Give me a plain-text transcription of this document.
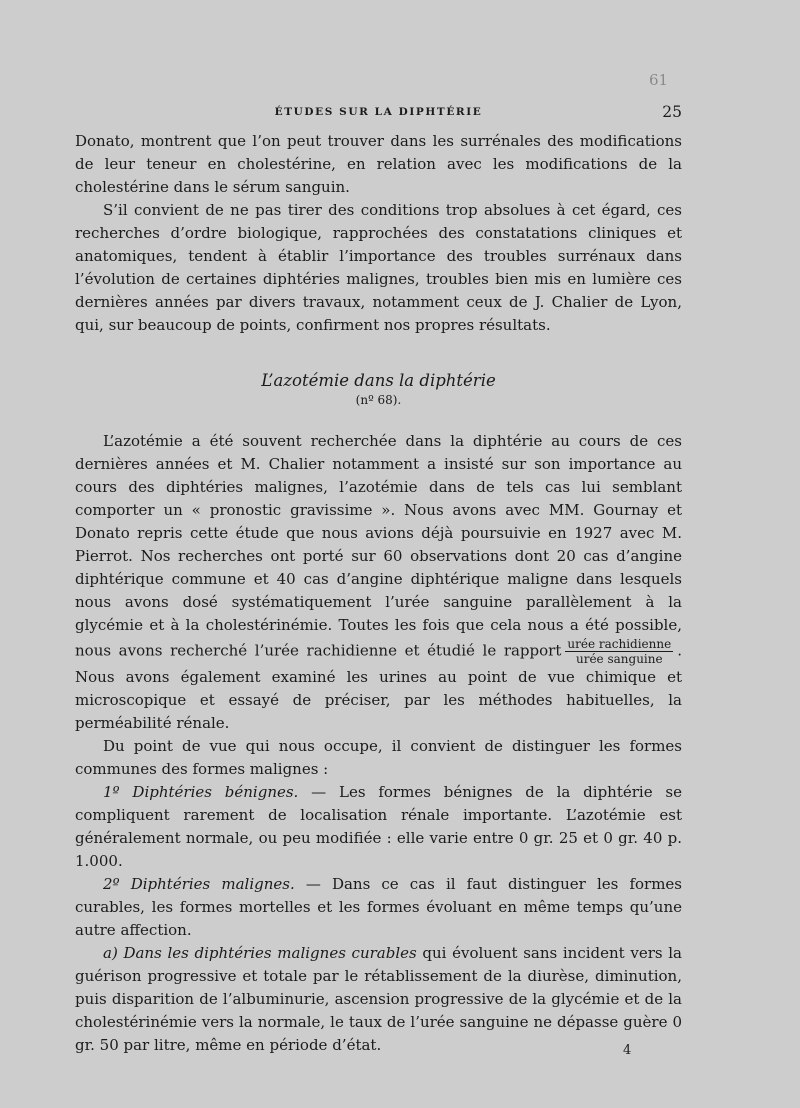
61
ÉTUDES SUR LA DIPHTÉRIE	25

Donato, montrent que l’on peut trouver dans les surrénales des modifications de leur teneur en cholestérine, en relation avec les modifications de la cholestérine dans le sérum sanguin.

S’il convient de ne pas tirer des conditions trop absolues à cet égard, ces recherches d’ordre biologique, rapprochées des constatations cliniques et anatomiques, tendent à établir l’importance des troubles surrénaux dans l’évolution de certaines diphtéries malignes, troubles bien mis en lumière ces dernières années par divers travaux, notamment ceux de J. Chalier de Lyon, qui, sur beaucoup de points, confirment nos propres résultats.

L’azotémie dans la diphtérie

(nº 68).

L’azotémie a été souvent recherchée dans la diphtérie au cours de ces dernières années et M. Chalier notamment a insisté sur son importance au cours des diphtéries malignes, l’azotémie dans de tels cas lui semblant comporter un « pronostic gravissime ». Nous avons avec MM. Gournay et Donato repris cette étude que nous avions déjà poursuivie en 1927 avec M. Pierrot. Nos recherches ont porté sur 60 observations dont 20 cas d’angine diphtérique commune et 40 cas d’angine diphtérique maligne dans lesquels nous avons dosé systématiquement l’urée sanguine parallèlement à la glycémie et à la cholestérinémie. Toutes les fois que cela nous a été possible, nous avons recherché l’urée rachidienne et étudié le rapport $\frac{\text{urée rachidienne}}{\text{urée sanguine}}$ . Nous avons également examiné les urines au point de vue chimique et microscopique et essayé de préciser, par les méthodes habituelles, la perméabilité rénale.

Du point de vue qui nous occupe, il convient de distinguer les formes communes des formes malignes :

1º Diphtéries bénignes. — Les formes bénignes de la diphtérie se compliquent rarement de localisation rénale importante. L’azotémie est généralement normale, ou peu modifiée : elle varie entre 0 gr. 25 et 0 gr. 40 p. 1.000.

2º Diphtéries malignes. — Dans ce cas il faut distinguer les formes curables, les formes mortelles et les formes évoluant en même temps qu’une autre affection.

a) Dans les diphtéries malignes curables qui évoluent sans incident vers la guérison progressive et totale par le rétablissement de la diurèse, diminution, puis disparition de l’albuminurie, ascension progressive de la glycémie et de la cholestérinémie vers la normale, le taux de l’urée sanguine ne dépasse guère 0 gr. 50 par litre, même en période d’état.	4
